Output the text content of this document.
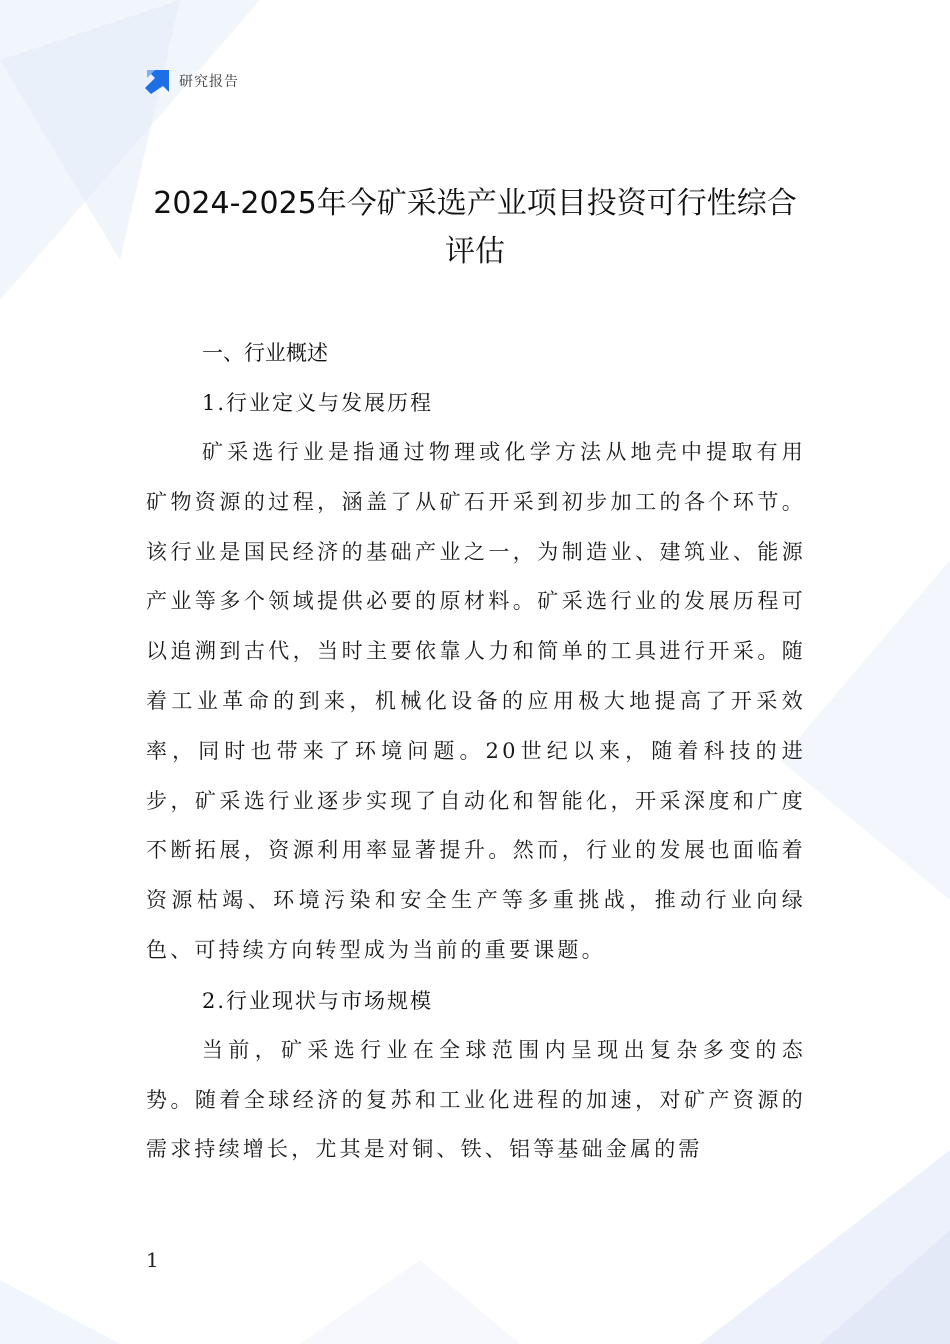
研究报告
2024-2025年今矿采选产业项目投资可行性综合评估
一、行业概述
1.行业定义与发展历程

矿采选行业是指通过物理或化学方法从地壳中提取有用矿物资源的过程，涵盖了从矿石开采到初步加工的各个环节。该行业是国民经济的基础产业之一，为制造业、建筑业、能源产业等多个领域提供必要的原材料。矿采选行业的发展历程可以追溯到古代，当时主要依靠人力和简单的工具进行开采。随着工业革命的到来，机械化设备的应用极大地提高了开采效率，同时也带来了环境问题。20世纪以来，随着科技的进步，矿采选行业逐步实现了自动化和智能化，开采深度和广度不断拓展，资源利用率显著提升。然而，行业的发展也面临着资源枯竭、环境污染和安全生产等多重挑战，推动行业向绿色、可持续方向转型成为当前的重要课题。

2.行业现状与市场规模

当前，矿采选行业在全球范围内呈现出复杂多变的态势。随着全球经济的复苏和工业化进程的加速，对矿产资源的需求持续增长，尤其是对铜、铁、铝等基础金属的需

1
